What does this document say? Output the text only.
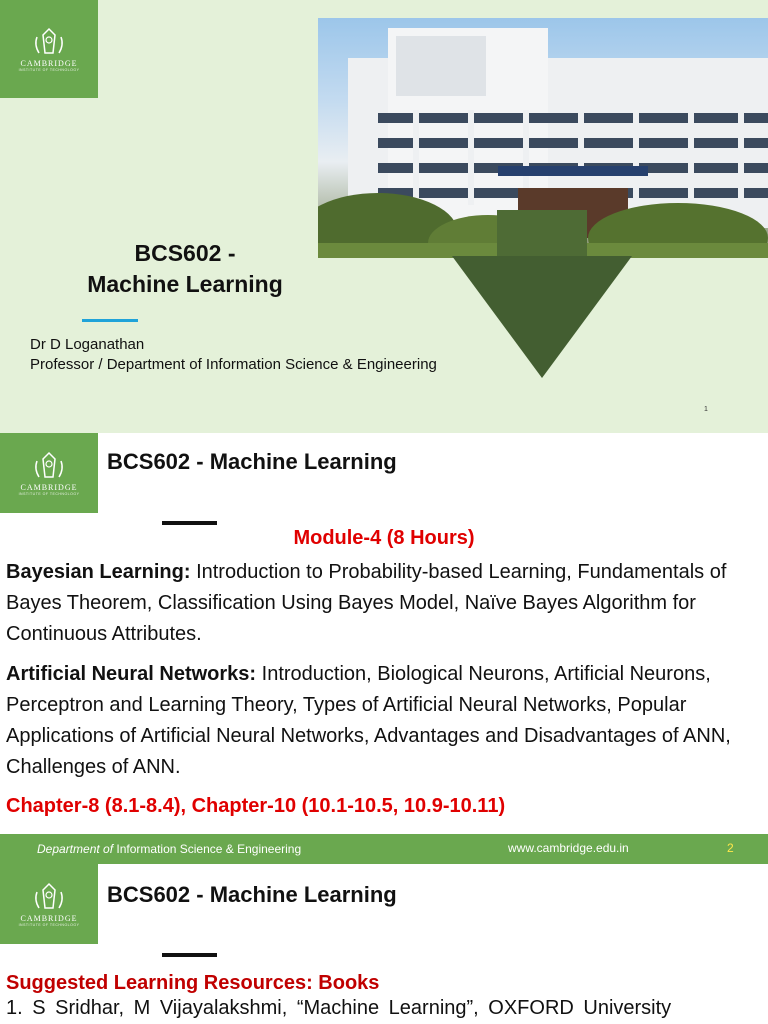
CAMBRIDGE
INSTITUTE OF TECHNOLOGY
BCS602 -
Machine Learning
Dr D Loganathan
Professor / Department of Information Science & Engineering
1
CAMBRIDGE
INSTITUTE OF TECHNOLOGY
BCS602 - Machine Learning
Module-4 (8 Hours)
Bayesian Learning: Introduction to Probability-based Learning, Fundamentals of Bayes Theorem, Classification Using Bayes Model, Naïve Bayes Algorithm for Continuous Attributes.
Artificial Neural Networks: Introduction, Biological Neurons, Artificial Neurons, Perceptron and Learning Theory, Types of Artificial Neural Networks, Popular Applications of Artificial Neural Networks, Advantages and Disadvantages of ANN, Challenges of ANN.
Chapter-8 (8.1-8.4), Chapter-10 (10.1-10.5, 10.9-10.11)
Department of Information Science & Engineering	www.cambridge.edu.in	2
CAMBRIDGE
INSTITUTE OF TECHNOLOGY
BCS602 - Machine Learning
Suggested Learning Resources: Books
1. S Sridhar, M Vijayalakshmi, “Machine Learning”, OXFORD University
